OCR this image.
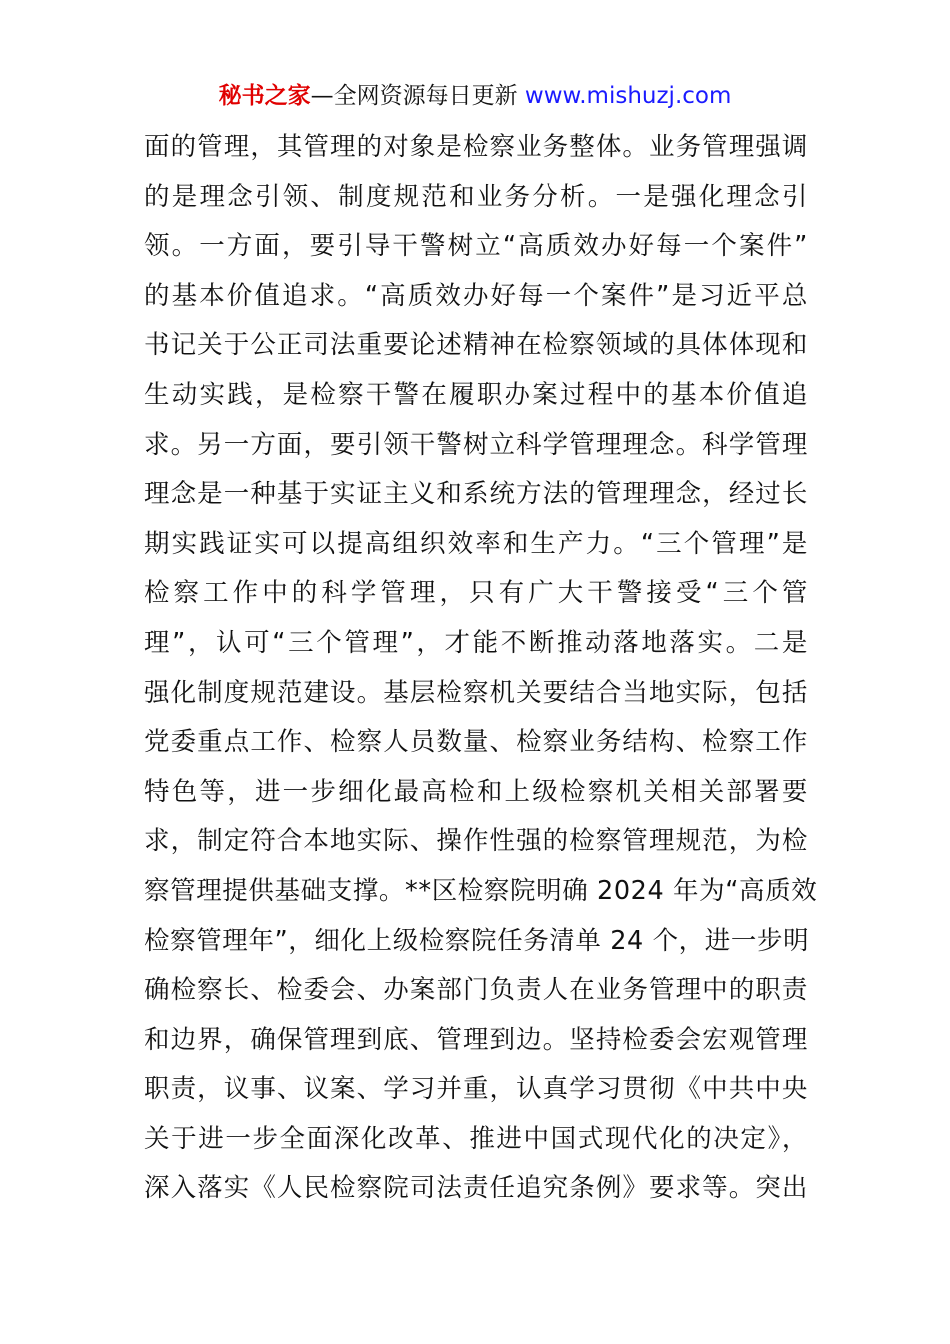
秘书之家—全网资源每日更新 www.mishuzj.com
面的管理，其管理的对象是检察业务整体。业务管理强调
的是理念引领、制度规范和业务分析。一是强化理念引
领。一方面，要引导干警树立“高质效办好每一个案件”
的基本价值追求。“高质效办好每一个案件”是习近平总
书记关于公正司法重要论述精神在检察领域的具体体现和
生动实践，是检察干警在履职办案过程中的基本价值追
求。另一方面，要引领干警树立科学管理理念。科学管理
理念是一种基于实证主义和系统方法的管理理念，经过长
期实践证实可以提高组织效率和生产力。“三个管理”是
检察工作中的科学管理，只有广大干警接受“三个管
理”，认可“三个管理”，才能不断推动落地落实。二是
强化制度规范建设。基层检察机关要结合当地实际，包括
党委重点工作、检察人员数量、检察业务结构、检察工作
特色等，进一步细化最高检和上级检察机关相关部署要
求，制定符合本地实际、操作性强的检察管理规范，为检
察管理提供基础支撑。**区检察院明确 2024 年为“高质效
检察管理年”，细化上级检察院任务清单 24 个，进一步明
确检察长、检委会、办案部门负责人在业务管理中的职责
和边界，确保管理到底、管理到边。坚持检委会宏观管理
职责，议事、议案、学习并重，认真学习贯彻《中共中央
关于进一步全面深化改革、推进中国式现代化的决定》，
深入落实《人民检察院司法责任追究条例》要求等。突出
